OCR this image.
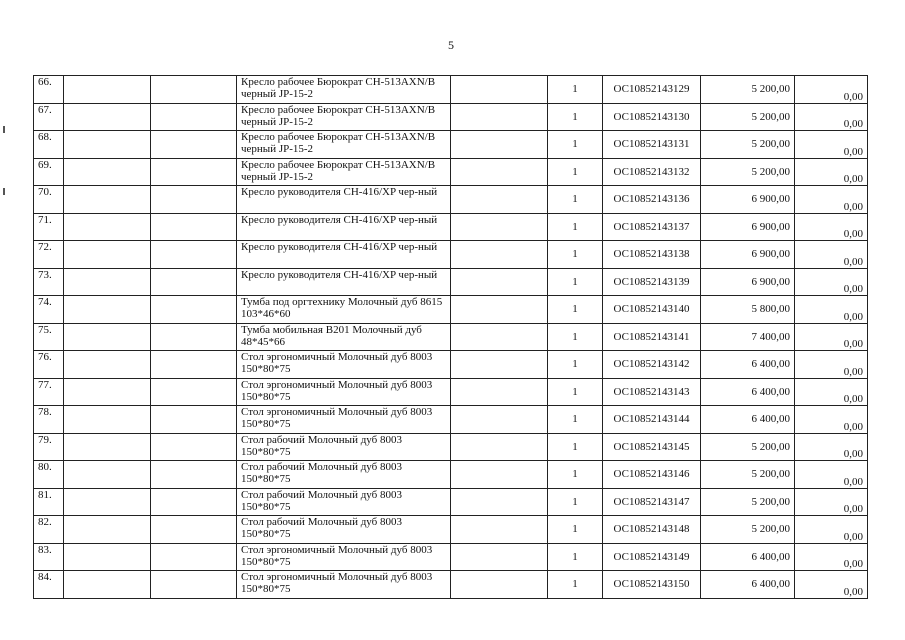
5
66.			Кресло рабочее Бюрократ CH-513AXN/B черный JP-15-2		1	ОС10852143129	5 200,00	0,00
67.			Кресло рабочее Бюрократ CH-513AXN/B черный JP-15-2		1	ОС10852143130	5 200,00	0,00
68.			Кресло рабочее Бюрократ CH-513AXN/B черный JP-15-2		1	ОС10852143131	5 200,00	0,00
69.			Кресло рабочее Бюрократ CH-513AXN/B черный JP-15-2		1	ОС10852143132	5 200,00	0,00
70.			Кресло руководителя CH-416/XP чер-ный		1	ОС10852143136	6 900,00	0,00
71.			Кресло руководителя CH-416/XP чер-ный		1	ОС10852143137	6 900,00	0,00
72.			Кресло руководителя CH-416/XP чер-ный		1	ОС10852143138	6 900,00	0,00
73.			Кресло руководителя CH-416/XP чер-ный		1	ОС10852143139	6 900,00	0,00
74.			Тумба под оргтехнику Молочный дуб 8615 103*46*60		1	ОС10852143140	5 800,00	0,00
75.			Тумба мобильная В201 Молочный дуб 48*45*66		1	ОС10852143141	7 400,00	0,00
76.			Стол эргономичный Молочный дуб 8003 150*80*75		1	ОС10852143142	6 400,00	0,00
77.			Стол эргономичный Молочный дуб 8003 150*80*75		1	ОС10852143143	6 400,00	0,00
78.			Стол эргономичный Молочный дуб 8003 150*80*75		1	ОС10852143144	6 400,00	0,00
79.			Стол рабочий Молочный дуб 8003 150*80*75		1	ОС10852143145	5 200,00	0,00
80.			Стол рабочий Молочный дуб 8003 150*80*75		1	ОС10852143146	5 200,00	0,00
81.			Стол рабочий Молочный дуб 8003 150*80*75		1	ОС10852143147	5 200,00	0,00
82.			Стол рабочий Молочный дуб 8003 150*80*75		1	ОС10852143148	5 200,00	0,00
83.			Стол эргономичный Молочный дуб 8003 150*80*75		1	ОС10852143149	6 400,00	0,00
84.			Стол эргономичный Молочный дуб 8003 150*80*75		1	ОС10852143150	6 400,00	0,00
